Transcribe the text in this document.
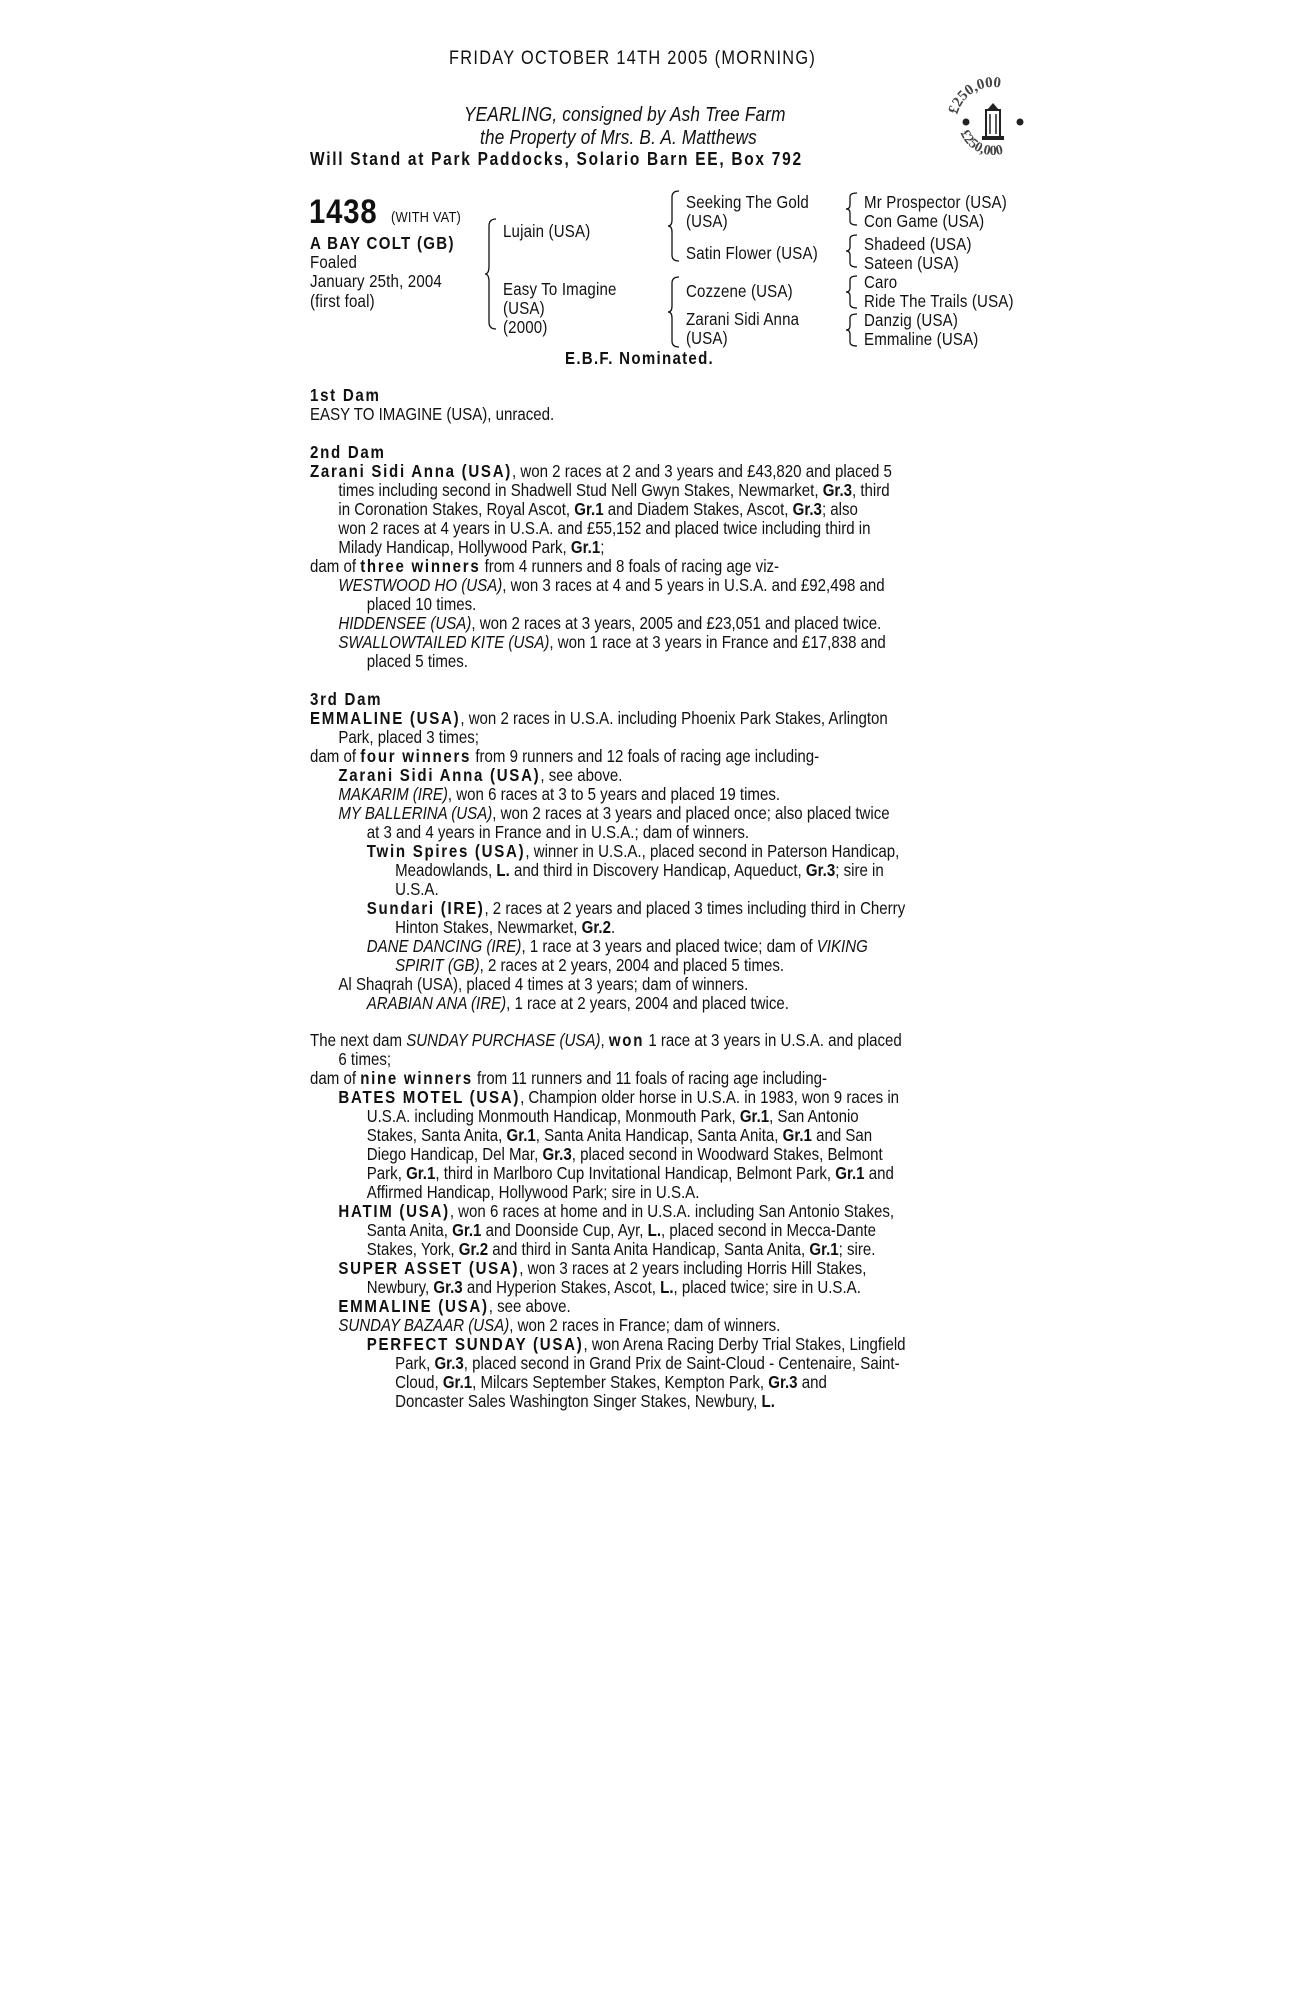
FRIDAY OCTOBER 14TH 2005 (MORNING)
YEARLING, consigned by Ash Tree Farm
the Property of Mrs. B. A. Matthews
Will Stand at Park Paddocks, Solario Barn EE, Box 792
£250,000
£250,000
1438 (WITH VAT)
A BAY COLT (GB)
Foaled
January 25th, 2004
(first foal)
Lujain (USA)
Easy To Imagine
(USA)
(2000)
Seeking The Gold
(USA)
Satin Flower (USA)
Cozzene (USA)
Zarani Sidi Anna
(USA)
Mr Prospector (USA)
Con Game (USA)
Shadeed (USA)
Sateen (USA)
Caro
Ride The Trails (USA)
Danzig (USA)
Emmaline (USA)
E.B.F. Nominated.
1st Dam
EASY TO IMAGINE (USA), unraced.
2nd Dam
Zarani Sidi Anna (USA), won 2 races at 2 and 3 years and £43,820 and placed 5
times including second in Shadwell Stud Nell Gwyn Stakes, Newmarket, Gr.3, third
in Coronation Stakes, Royal Ascot, Gr.1 and Diadem Stakes, Ascot, Gr.3; also
won 2 races at 4 years in U.S.A. and £55,152 and placed twice including third in
Milady Handicap, Hollywood Park, Gr.1;
dam of three winners from 4 runners and 8 foals of racing age viz-
WESTWOOD HO (USA), won 3 races at 4 and 5 years in U.S.A. and £92,498 and
placed 10 times.
HIDDENSEE (USA), won 2 races at 3 years, 2005 and £23,051 and placed twice.
SWALLOWTAILED KITE (USA), won 1 race at 3 years in France and £17,838 and
placed 5 times.
3rd Dam
EMMALINE (USA), won 2 races in U.S.A. including Phoenix Park Stakes, Arlington
Park, placed 3 times;
dam of four winners from 9 runners and 12 foals of racing age including-
Zarani Sidi Anna (USA), see above.
MAKARIM (IRE), won 6 races at 3 to 5 years and placed 19 times.
MY BALLERINA (USA), won 2 races at 3 years and placed once; also placed twice
at 3 and 4 years in France and in U.S.A.; dam of winners.
Twin Spires (USA), winner in U.S.A., placed second in Paterson Handicap,
Meadowlands, L. and third in Discovery Handicap, Aqueduct, Gr.3; sire in
U.S.A.
Sundari (IRE), 2 races at 2 years and placed 3 times including third in Cherry
Hinton Stakes, Newmarket, Gr.2.
DANE DANCING (IRE), 1 race at 3 years and placed twice; dam of VIKING
SPIRIT (GB), 2 races at 2 years, 2004 and placed 5 times.
Al Shaqrah (USA), placed 4 times at 3 years; dam of winners.
ARABIAN ANA (IRE), 1 race at 2 years, 2004 and placed twice.
The next dam SUNDAY PURCHASE (USA), won 1 race at 3 years in U.S.A. and placed
6 times;
dam of nine winners from 11 runners and 11 foals of racing age including-
BATES MOTEL (USA), Champion older horse in U.S.A. in 1983, won 9 races in
U.S.A. including Monmouth Handicap, Monmouth Park, Gr.1, San Antonio
Stakes, Santa Anita, Gr.1, Santa Anita Handicap, Santa Anita, Gr.1 and San
Diego Handicap, Del Mar, Gr.3, placed second in Woodward Stakes, Belmont
Park, Gr.1, third in Marlboro Cup Invitational Handicap, Belmont Park, Gr.1 and
Affirmed Handicap, Hollywood Park; sire in U.S.A.
HATIM (USA), won 6 races at home and in U.S.A. including San Antonio Stakes,
Santa Anita, Gr.1 and Doonside Cup, Ayr, L., placed second in Mecca-Dante
Stakes, York, Gr.2 and third in Santa Anita Handicap, Santa Anita, Gr.1; sire.
SUPER ASSET (USA), won 3 races at 2 years including Horris Hill Stakes,
Newbury, Gr.3 and Hyperion Stakes, Ascot, L., placed twice; sire in U.S.A.
EMMALINE (USA), see above.
SUNDAY BAZAAR (USA), won 2 races in France; dam of winners.
PERFECT SUNDAY (USA), won Arena Racing Derby Trial Stakes, Lingfield
Park, Gr.3, placed second in Grand Prix de Saint-Cloud - Centenaire, Saint-
Cloud, Gr.1, Milcars September Stakes, Kempton Park, Gr.3 and
Doncaster Sales Washington Singer Stakes, Newbury, L.
